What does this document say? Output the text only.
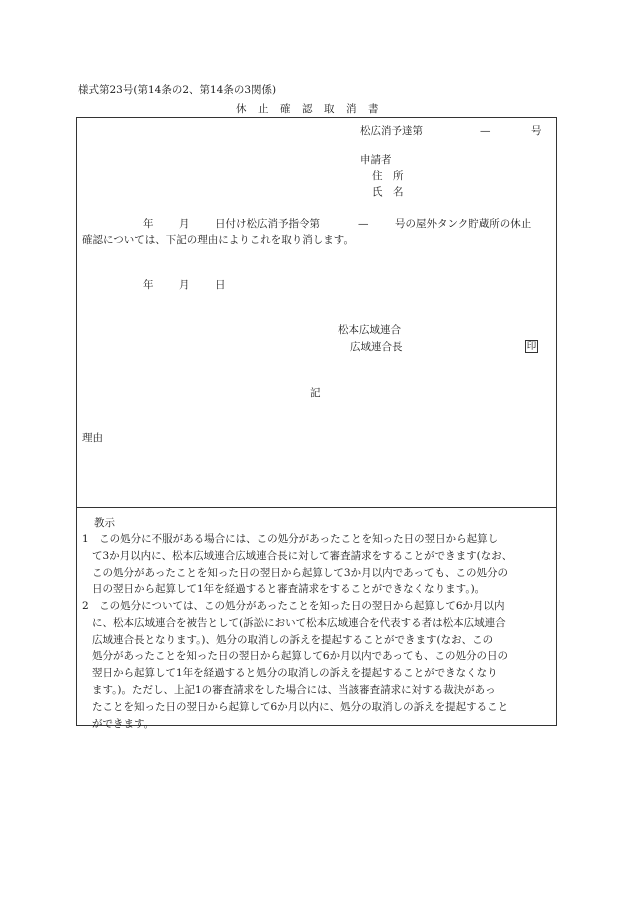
様式第23号(第14条の2、第14条の3関係)
休止確認取消書
松広消予達第	—	号
申請者
住　所
氏　名
年 月 日付け松広消予指令第	—	号の屋外タンク貯蔵所の休止
確認については、下記の理由によりこれを取り消します。
年 月 日
松本広域連合
広域連合長	印
記
理由
教示
1　この処分に不服がある場合には、この処分があったことを知った日の翌日から起算し
て3か月以内に、松本広域連合広域連合長に対して審査請求をすることができます(なお、
この処分があったことを知った日の翌日から起算して3か月以内であっても、この処分の
日の翌日から起算して1年を経過すると審査請求をすることができなくなります。)。
2　この処分については、この処分があったことを知った日の翌日から起算して6か月以内
に、松本広域連合を被告として(訴訟において松本広域連合を代表する者は松本広域連合
広域連合長となります。)、処分の取消しの訴えを提起することができます(なお、この
処分があったことを知った日の翌日から起算して6か月以内であっても、この処分の日の
翌日から起算して1年を経過すると処分の取消しの訴えを提起することができなくなり
ます。)。ただし、上記1の審査請求をした場合には、当該審査請求に対する裁決があっ
たことを知った日の翌日から起算して6か月以内に、処分の取消しの訴えを提起すること
ができます。
